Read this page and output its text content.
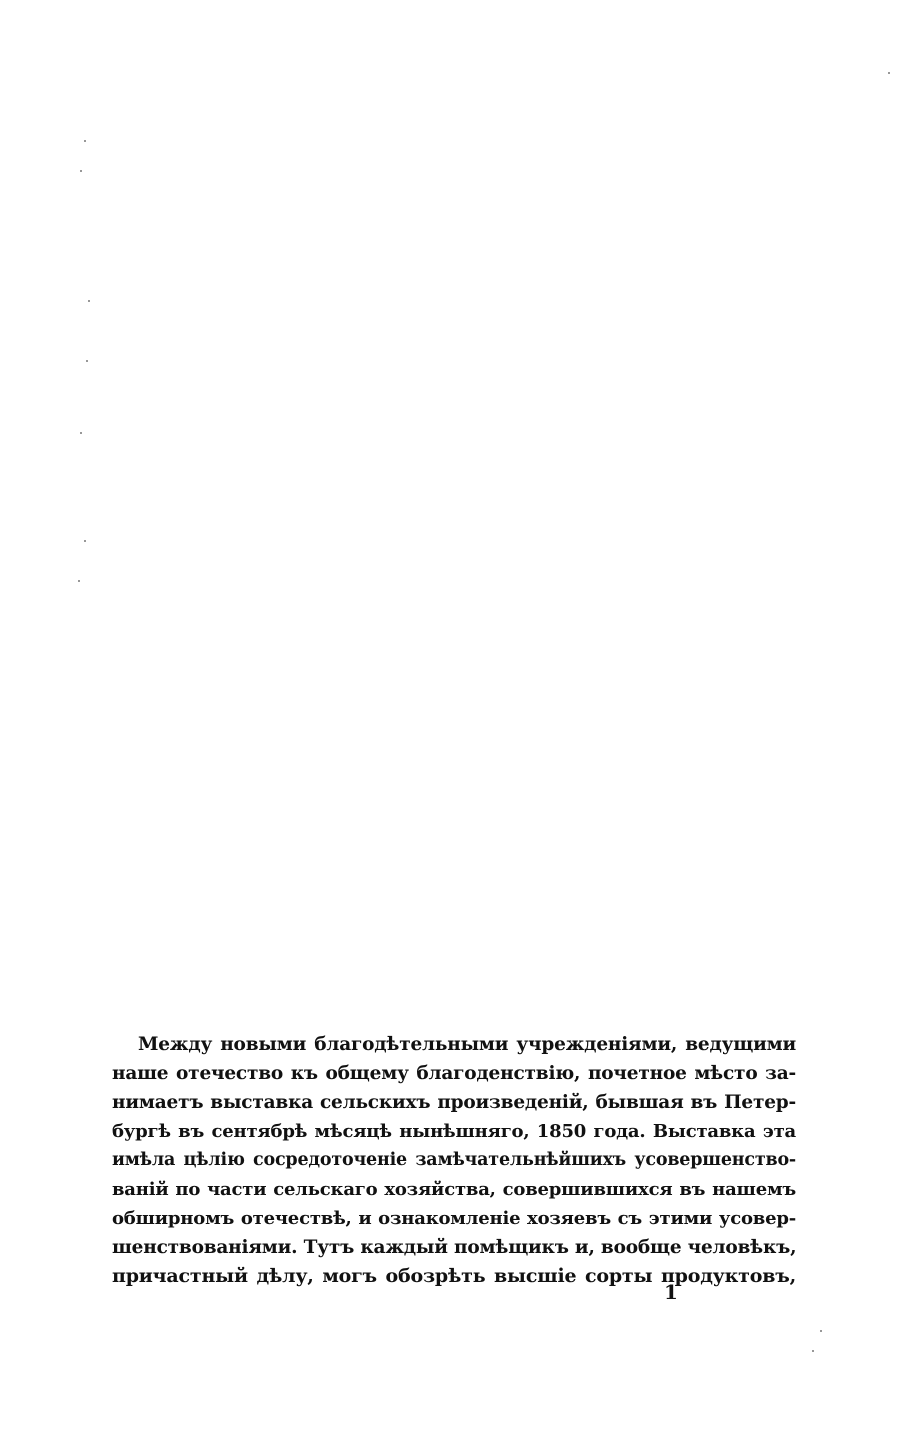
Между новыми благодѣтельными учрежденіями, ведущими
наше отечество къ общему благоденствію, почетное мѣсто за-
нимаетъ выставка сельскихъ произведеній, бывшая въ Петер-
бургѣ въ сентябрѣ мѣсяцѣ нынѣшняго, 1850 года. Выставка эта
имѣла цѣлію сосредоточеніе замѣчательнѣйшихъ усовершенство-
ваній по части сельскаго хозяйства, совершившихся въ нашемъ
обширномъ отечествѣ, и ознакомленіе хозяевъ съ этими усовер-
шенствованіями. Тутъ каждый помѣщикъ и, вообще человѣкъ,
причастный дѣлу, могъ обозрѣть высшіе сорты продуктовъ,
1
